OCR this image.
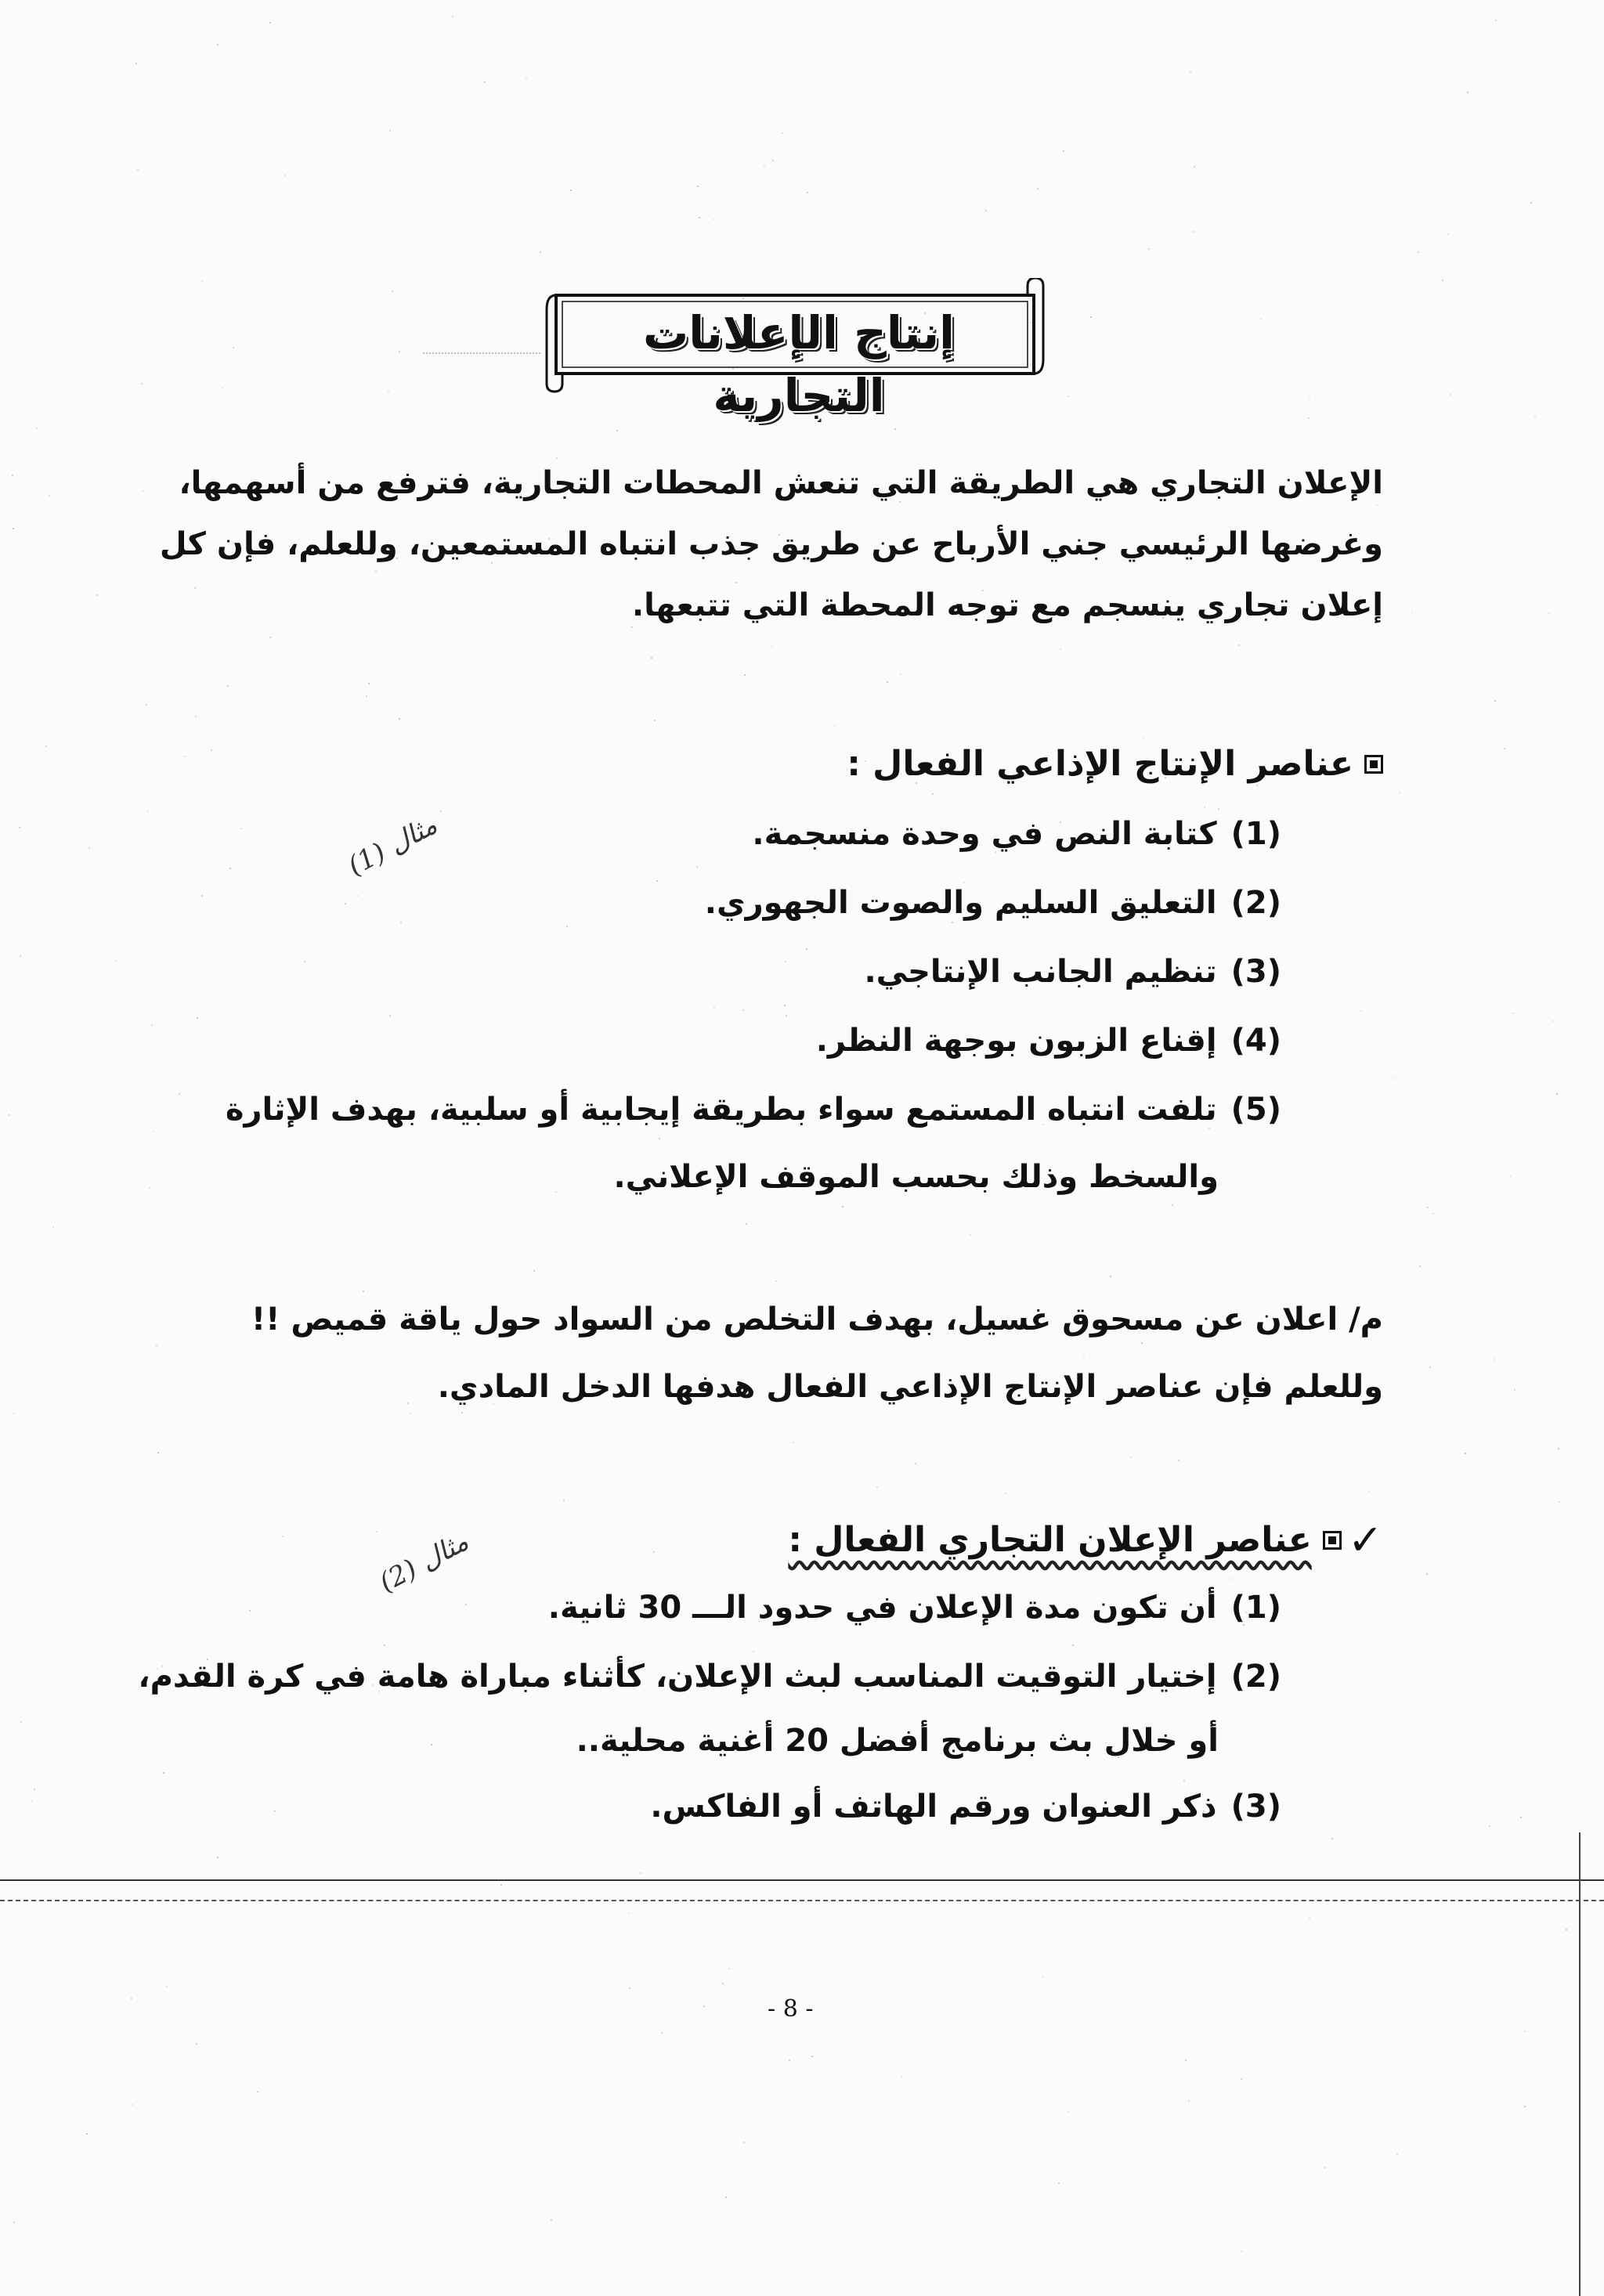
إنتاج الإعلانات التجارية
الإعلان التجاري هي الطريقة التي تنعش المحطات التجارية، فترفع من أسهمها،
وغرضها الرئيسي جني الأرباح عن طريق جذب انتباه المستمعين، وللعلم، فإن كل
إعلان تجاري ينسجم مع توجه المحطة التي تتبعها.
عناصر الإنتاج الإذاعي الفعال :
مثال (1)	(1)كتابة النص في وحدة منسجمة.
(2)التعليق السليم والصوت الجهوري.
(3)تنظيم الجانب الإنتاجي.
(4)إقناع الزبون بوجهة النظر.
(5)تلفت انتباه المستمع سواء بطريقة إيجابية أو سلبية، بهدف الإثارة
والسخط وذلك بحسب الموقف الإعلاني.
م/ اعلان عن مسحوق غسيل، بهدف التخلص من السواد حول ياقة قميص !!
وللعلم فإن عناصر الإنتاج الإذاعي الفعال هدفها الدخل المادي.
✓
عناصر الإعلان التجاري الفعال :
مثال (2)
(1)أن تكون مدة الإعلان في حدود الـــ 30 ثانية.
(2)إختيار التوقيت المناسب لبث الإعلان، كأثناء مباراة هامة في كرة القدم،
أو خلال بث برنامج أفضل 20 أغنية محلية..
(3)ذكر العنوان ورقم الهاتف أو الفاكس.
- 8 -
